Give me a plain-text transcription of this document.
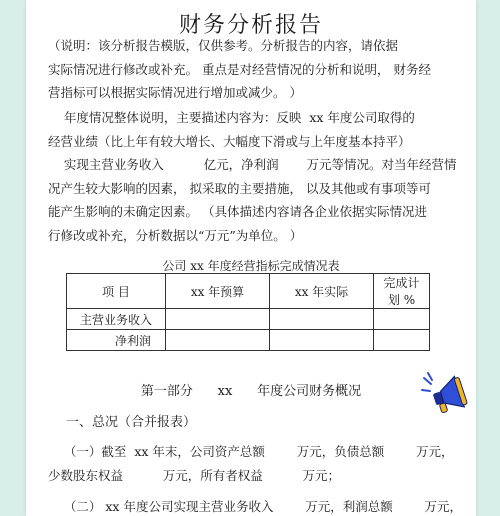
财务分析报告
（说明：该分析报告模版，仅供参考。分析报告的内容，请依据
实际情况进行修改或补充。 重点是对经营情况的分析和说明， 财务经
营指标可以根据实际情况进行增加或减少。 ）
年度情况整体说明，主要描述内容为：反映  xx 年度公司取得的
经营业绩（比上年有较大增长、大幅度下滑或与上年度基本持平）
实现主营业务收入          亿元，净利润       万元等情况。对当年经营情
况产生较大影响的因素， 拟采取的主要措施， 以及其他或有事项等可
能产生影响的未确定因素。 （具体描述内容请各企业依据实际情况进
行修改或补充，分析数据以“万元”为单位。 ）
公司 xx 年度经营指标完成情况表
项 目	xx 年预算	xx 年实际	完成计划 %
主营业务收入			
净利润			
第一部分      xx      年度公司财务概况
一、总况（合并报表）
（一）截至  xx 年末，公司资产总额        万元，负债总额        万元，
少数股东权益          万元，所有者权益          万元；
（二） xx 年度公司实现主营业务收入        万元，利润总额        万元，
